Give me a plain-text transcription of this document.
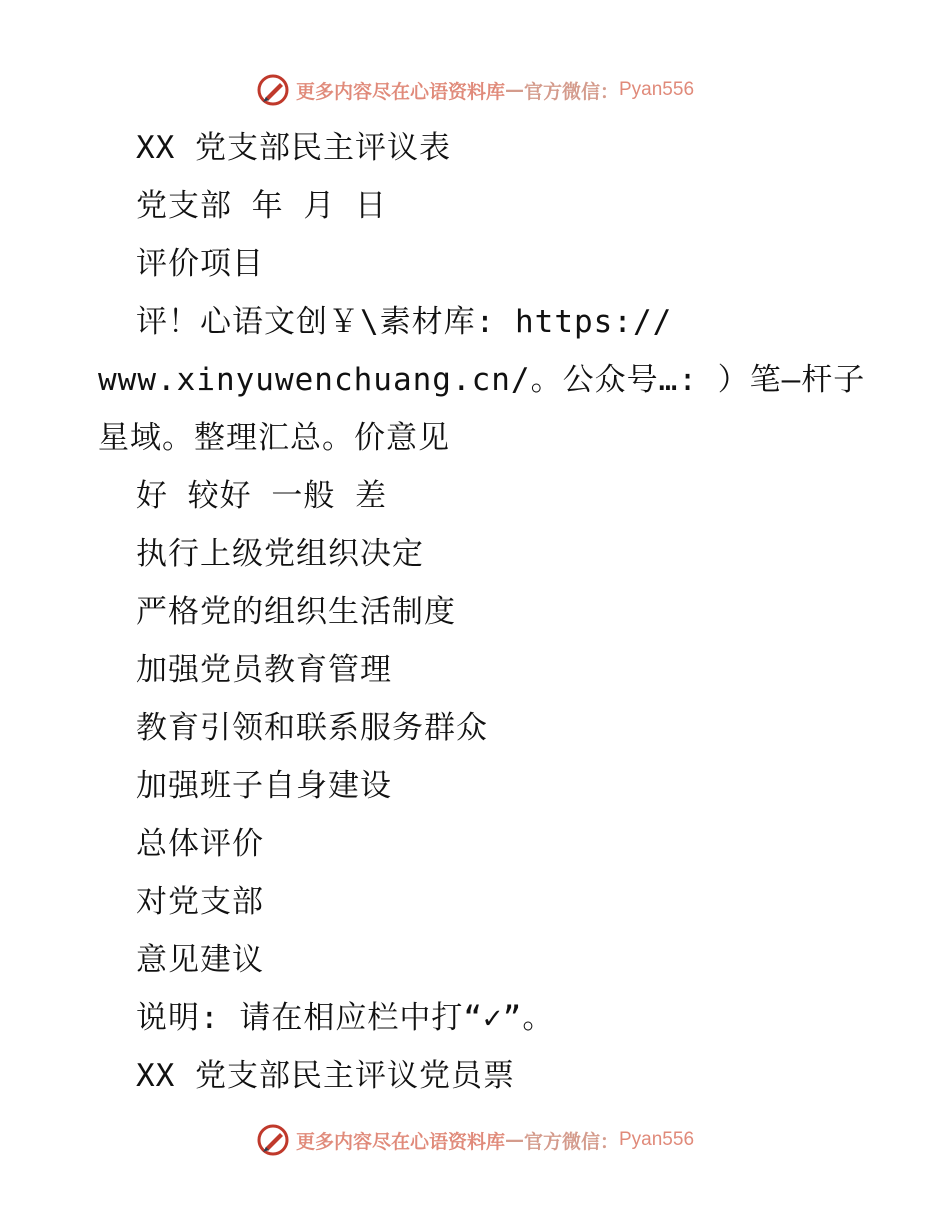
更多内容尽在心语资料库 — 官方微信： Pyan556
XX 党支部民主评议表
党支部 年 月 日
评价项目
评！心语文创￥\素材库: https://
www.xinyuwenchuang.cn/。公众号…: ）笔—杆子
星域。整理汇总。价意见
好 较好 一般 差
执行上级党组织决定
严格党的组织生活制度
加强党员教育管理
教育引领和联系服务群众
加强班子自身建设
总体评价
对党支部
意见建议
说明: 请在相应栏中打“✓”。
XX 党支部民主评议党员票
更多内容尽在心语资料库 — 官方微信： Pyan556
